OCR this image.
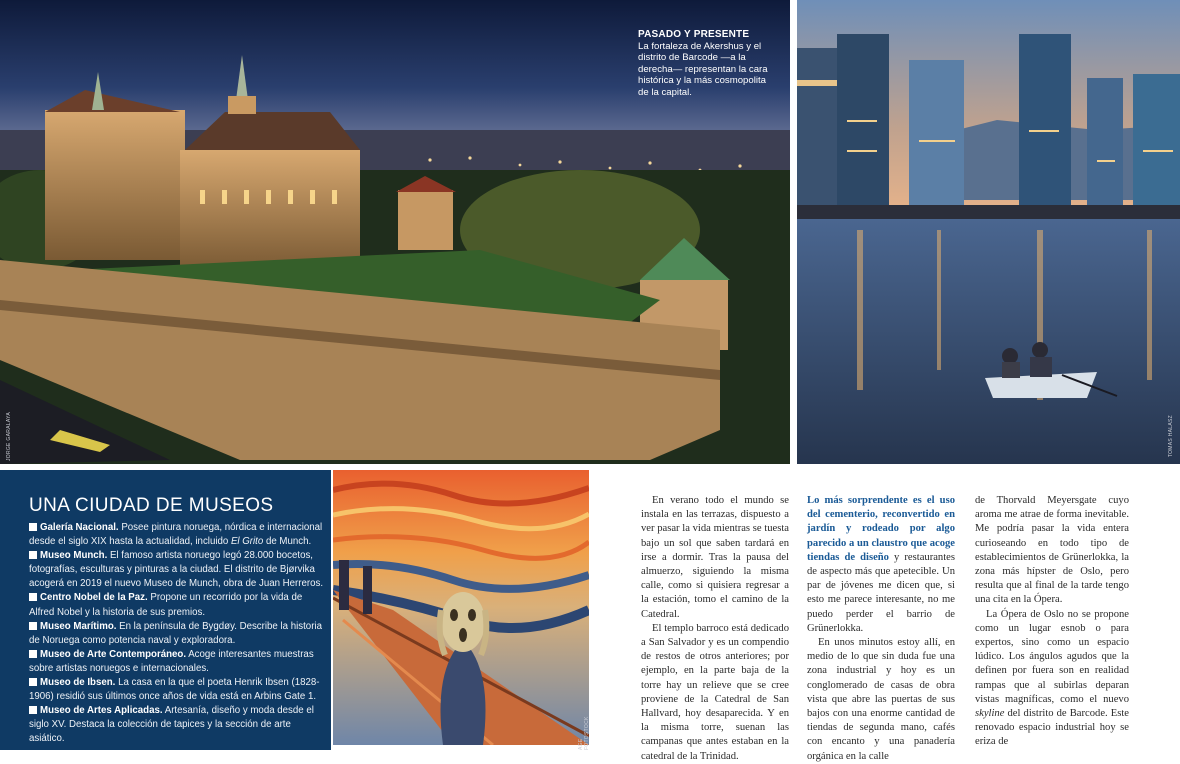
PASADO Y PRESENTE
La fortaleza de Akershus y el distrito de Barcode —a la derecha— representan la cara histórica y la más cosmopolita de la capital.
JORGE GARALAYA	TOMAS HALASZ
UNA CIUDAD DE MUSEOS

Galería Nacional. Posee pintura noruega, nórdica e internacional desde el siglo XIX hasta la actualidad, incluido El Grito de Munch.

Museo Munch. El famoso artista noruego legó 28.000 bocetos, fotografías, esculturas y pinturas a la ciudad. El distrito de Bjørvika acogerá en 2019 el nuevo Museo de Munch, obra de Juan Herreros.

Centro Nobel de la Paz. Propone un recorrido por la vida de Alfred Nobel y la historia de sus premios.

Museo Marítimo. En la península de Bygdøy. Describe la historia de Noruega como potencia naval y exploradora.

Museo de Arte Contemporáneo. Acoge interesantes muestras sobre artistas noruegos e internacionales.

Museo de Ibsen. La casa en la que el poeta Henrik Ibsen (1828-1906) residió sus últimos once años de vida está en Arbins Gate 1.

Museo de Artes Aplicadas. Artesanía, diseño y moda desde el siglo XV. Destaca la colección de tapices y la sección de arte asiático.	AGE FOTOSTOCK

En verano todo el mundo se instala en las terrazas, dispuesto a ver pasar la vida mientras se tuesta bajo un sol que saben tardará en irse a dormir. Tras la pausa del almuerzo, siguiendo la misma calle, como si quisiera regresar a la estación, tomo el camino de la Catedral.

El templo barroco está dedicado a San Salvador y es un compendio de restos de otros anteriores; por ejemplo, en la parte baja de la torre hay un relieve que se cree proviene de la Catedral de San Hallvard, hoy desaparecida. Y en la misma torre, suenan las campanas que antes estaban en la catedral de la Trinidad.

Lo más sorprendente es el uso del cementerio, reconvertido en jardín y rodeado por algo parecido a un claustro que acoge tiendas de diseño y restaurantes de aspecto más que apetecible. Un par de jóvenes me dicen que, si esto me parece interesante, no me puedo perder el barrio de Grünerlokka.

En unos minutos estoy allí, en medio de lo que sin duda fue una zona industrial y hoy es un conglomerado de casas de obra vista que abre las puertas de sus bajos con una enorme cantidad de tiendas de segunda mano, cafés con encanto y una panadería orgánica en la calle

de Thorvald Meyersgate cuyo aroma me atrae de forma inevitable. Me podría pasar la vida entera curioseando en todo tipo de establecimientos de Grünerlokka, la zona más hípster de Oslo, pero resulta que al final de la tarde tengo una cita en la Ópera.

La Ópera de Oslo no se propone como un lugar esnob o para expertos, sino como un espacio lúdico. Los ángulos agudos que la definen por fuera son en realidad rampas que al subirlas deparan vistas magníficas, como el nuevo skyline del distrito de Barcode. Este renovado espacio industrial hoy se eriza de
